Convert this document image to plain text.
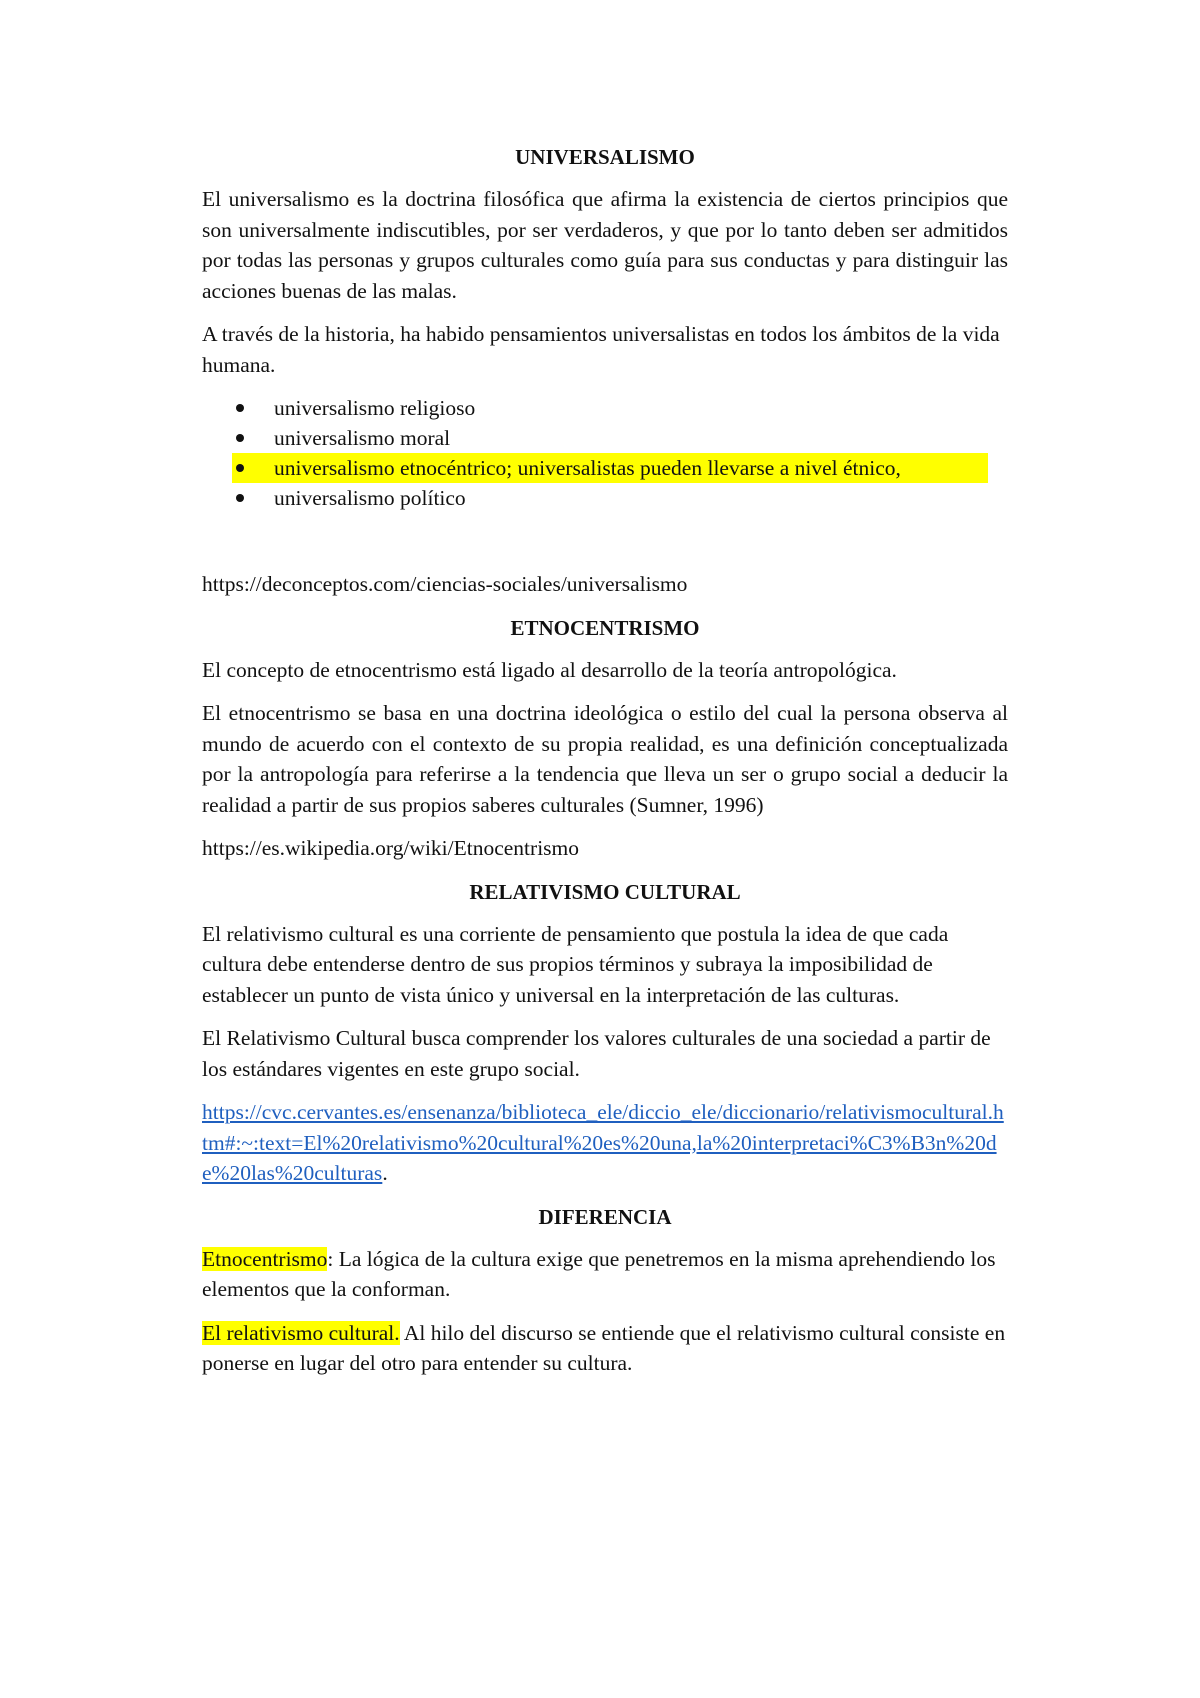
UNIVERSALISMO

El universalismo es la doctrina filosófica que afirma la existencia de ciertos principios que son universalmente indiscutibles, por ser verdaderos, y que por lo tanto deben ser admitidos por todas las personas y grupos culturales como guía para sus conductas y para distinguir las acciones buenas de las malas.

A través de la historia, ha habido pensamientos universalistas en todos los ámbitos de la vida humana.

universalismo religioso
universalismo moral
universalismo etnocéntrico; universalistas pueden llevarse a nivel étnico,
universalismo político

https://deconceptos.com/ciencias-sociales/universalismo

ETNOCENTRISMO

El concepto de etnocentrismo está ligado al desarrollo de la teoría antropológica.

El etnocentrismo se basa en una doctrina ideológica o estilo del cual la persona observa al mundo de acuerdo con el contexto de su propia realidad, es una definición conceptualizada por la antropología para referirse a la tendencia que lleva un ser o grupo social a deducir la realidad a partir de sus propios saberes culturales (Sumner, 1996)

https://es.wikipedia.org/wiki/Etnocentrismo

RELATIVISMO CULTURAL

El relativismo cultural es una corriente de pensamiento que postula la idea de que cada cultura debe entenderse dentro de sus propios términos y subraya la imposibilidad de establecer un punto de vista único y universal en la interpretación de las culturas.

El Relativismo Cultural busca comprender los valores culturales de una sociedad a partir de los estándares vigentes en este grupo social.

https://cvc.cervantes.es/ensenanza/biblioteca_ele/diccio_ele/diccionario/relativismocultural.htm#:~:text=El%20relativismo%20cultural%20es%20una,la%20interpretaci%C3%B3n%20de%20las%20culturas.

DIFERENCIA

Etnocentrismo: La lógica de la cultura exige que penetremos en la misma aprehendiendo los elementos que la conforman.

El relativismo cultural. Al hilo del discurso se entiende que el relativismo cultural consiste en ponerse en lugar del otro para entender su cultura.
